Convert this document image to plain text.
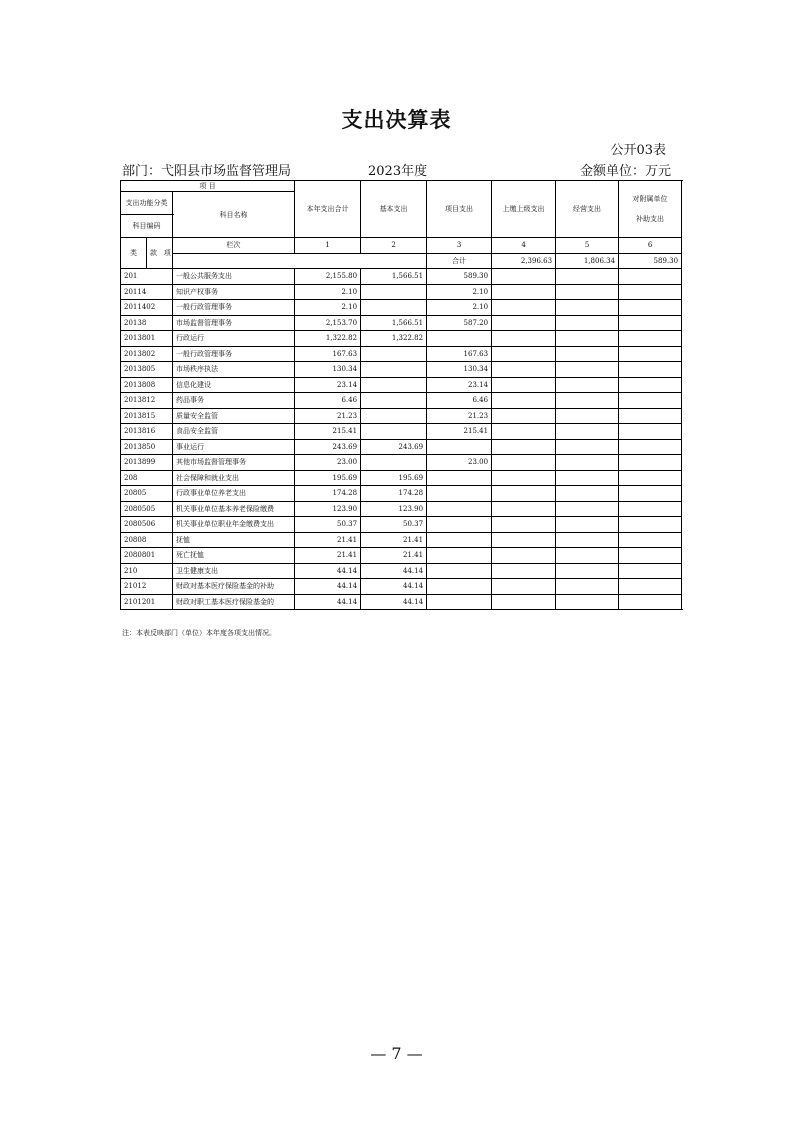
支出决算表
公开03表
部门：弋阳县市场监督管理局	2023年度	金额单位：万元
项 目			本年支出合计	基本支出	项目支出	上缴上级支出	经营支出	对附属单位补助支出	
支出功能分类		科目名称							
科目编码									
类	款 项	栏次	1	2	3	4	5	6	
					合计	2,396.63	1,806.34	589.30			
201		一般公共服务支出	2,155.80	1,566.51	589.30				
20114		知识产权事务	2.10		2.10				
2011402		一般行政管理事务	2.10		2.10				
20138		市场监督管理事务	2,153.70	1,566.51	587.20				
2013801		行政运行	1,322.82	1,322.82					
2013802		一般行政管理事务	167.63		167.63				
2013805		市场秩序执法	130.34		130.34				
2013808		信息化建设	23.14		23.14				
2013812		药品事务	6.46		6.46				
2013815		质量安全监管	21.23		21.23				
2013816		食品安全监管	215.41		215.41				
2013850		事业运行	243.69	243.69					
2013899		其他市场监督管理事务	23.00		23.00				
208		社会保障和就业支出	195.69	195.69					
20805		行政事业单位养老支出	174.28	174.28					
2080505		机关事业单位基本养老保险缴费	123.90	123.90					
2080506		机关事业单位职业年金缴费支出	50.37	50.37					
20808		抚恤	21.41	21.41					
2080801		死亡抚恤	21.41	21.41					
210		卫生健康支出	44.14	44.14					
21012		财政对基本医疗保险基金的补助	44.14	44.14					
2101201		财政对职工基本医疗保险基金的	44.14	44.14					
注：本表反映部门（单位）本年度各项支出情况。
— 7 —
